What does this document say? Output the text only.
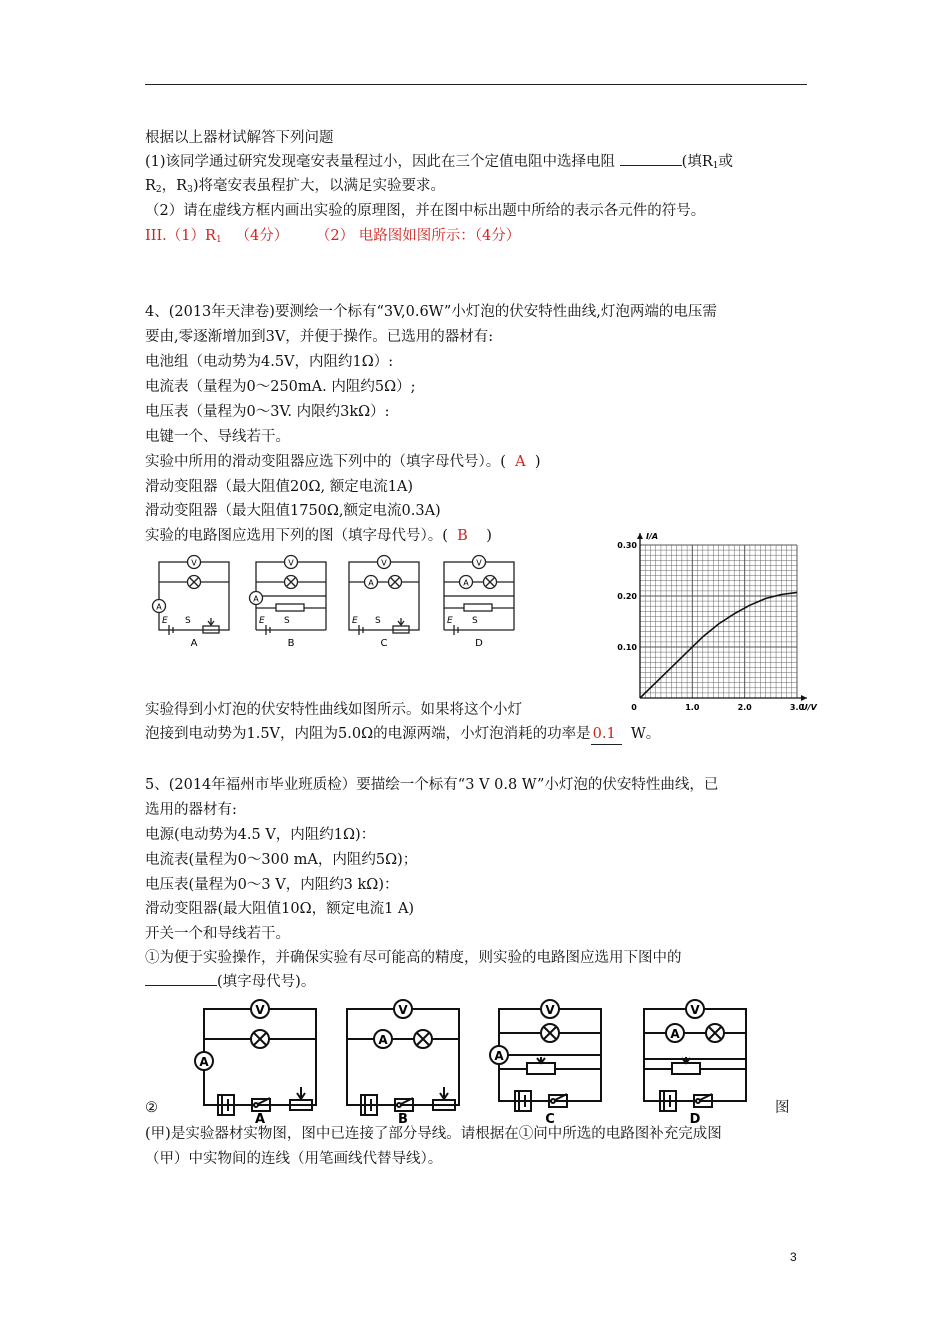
根据以上器材试解答下列问题
(1)该同学通过研究发现毫安表量程过小，因此在三个定值电阻中选择电阻	(填$R_1$或
$R_2$，$R_3$)将毫安表虽程扩大，以满足实验要求。
（2）请在虚线方框内画出实验的原理图，并在图中标出题中所给的表示各元件的符号。
$III.(1)R_1$ （4分） （2） 电路图如图所示：（4分）
4、(2013年天津卷)要测绘一个标有“3V,0.6W”小灯泡的伏安特性曲线,灯泡两端的电压需
要由,零逐渐增加到3V，并便于操作。已选用的器材有:
电池组（电动势为4.5V，内阻约1Ω）:
电流表（量程为0～250mA. 内阻约5Ω）;
电压表（量程为0～3V. 内限约3kΩ）:
电键一个、导线若干。
实验中所用的滑动变阻器应选下列中的（填字母代号）。( A )
滑动变阻器（最大阻值20Ω, 额定电流1A)
滑动变阻器（最大阻值1750Ω,额定电流0.3A)
实验的电路图应选用下列的图（填字母代号）。( B )
V
A
E S
A
V
A
E S
B
V
A
E S
C
V
A
E S
D
0	1.0	2.0	3.0
0.10
0.20
0.30
U/V
I/A
实验得到小灯泡的伏安特性曲线如图所示。如果将这个小灯
泡接到电动势为1.5V，内阻为5.0Ω的电源两端，小灯泡消耗的功率是 0.1 W。
5、(2014年福州市毕业班质检）要描绘一个标有“3 V 0.8 W”小灯泡的伏安特性曲线，已
选用的器材有:
电源(电动势为4.5 V，内阻约1Ω)：
电流表(量程为0～300 mA，内阻约5Ω)；
电压表(量程为0～3 V，内阻约3 kΩ)：
滑动变阻器(最大阻值10Ω，额定电流1 A)
开关一个和导线若干。
①为便于实验操作，并确保实验有尽可能高的精度，则实验的电路图应选用下图中的
(填字母代号)。
V
A
A
V
A
B
V
A
C
V
A
D
②	图
(甲)是实验器材实物图，图中已连接了部分导线。请根据在①问中所选的电路图补充完成图
（甲）中实物间的连线（用笔画线代替导线）。
3
